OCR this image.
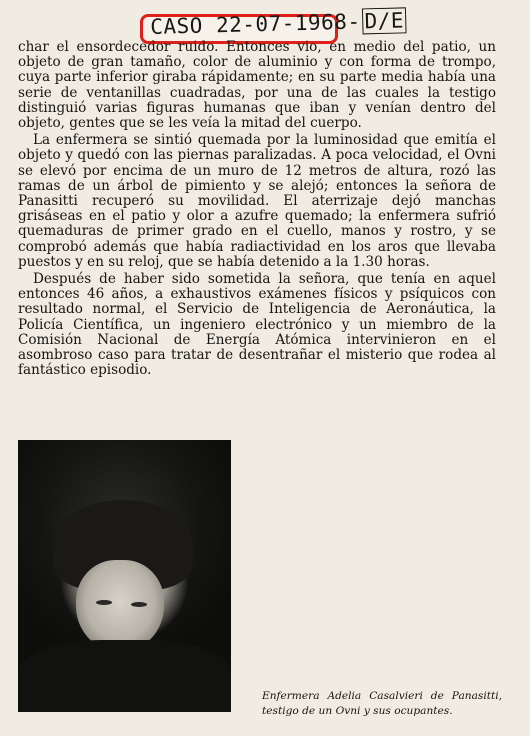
CASO 22-07-1968- D/E

char el ensordecedor ruido. Entonces vio, en medio del patio, un objeto de gran tamaño, color de aluminio y con forma de trompo, cuya parte inferior giraba rápidamente; en su parte media había una serie de ventanillas cuadradas, por una de las cuales la testigo distinguió varias figuras humanas que iban y venían dentro del objeto, gentes que se les veía la mitad del cuerpo.

La enfermera se sintió quemada por la luminosidad que emitía el objeto y quedó con las piernas paralizadas. A poca velocidad, el Ovni se elevó por encima de un muro de 12 metros de altura, rozó las ramas de un árbol de pimiento y se alejó; entonces la señora de Panasitti recuperó su movilidad. El aterrizaje dejó manchas grisáseas en el patio y olor a azufre quemado; la enfermera sufrió quemaduras de primer grado en el cuello, manos y rostro, y se comprobó además que había radiactividad en los aros que llevaba puestos y en su reloj, que se había detenido a la 1.30 horas.

Después de haber sido sometida la señora, que tenía en aquel entonces 46 años, a exhaustivos exámenes físicos y psíquicos con resultado normal, el Servicio de Inteligencia de Aeronáutica, la Policía Científica, un ingeniero electrónico y un miembro de la Comisión Nacional de Energía Atómica intervinieron en el asombroso caso para tratar de desentrañar el misterio que rodea al fantástico episodio.

Enfermera Adelia Casalvieri de Panasitti, testigo de un Ovni y sus ocupantes.
